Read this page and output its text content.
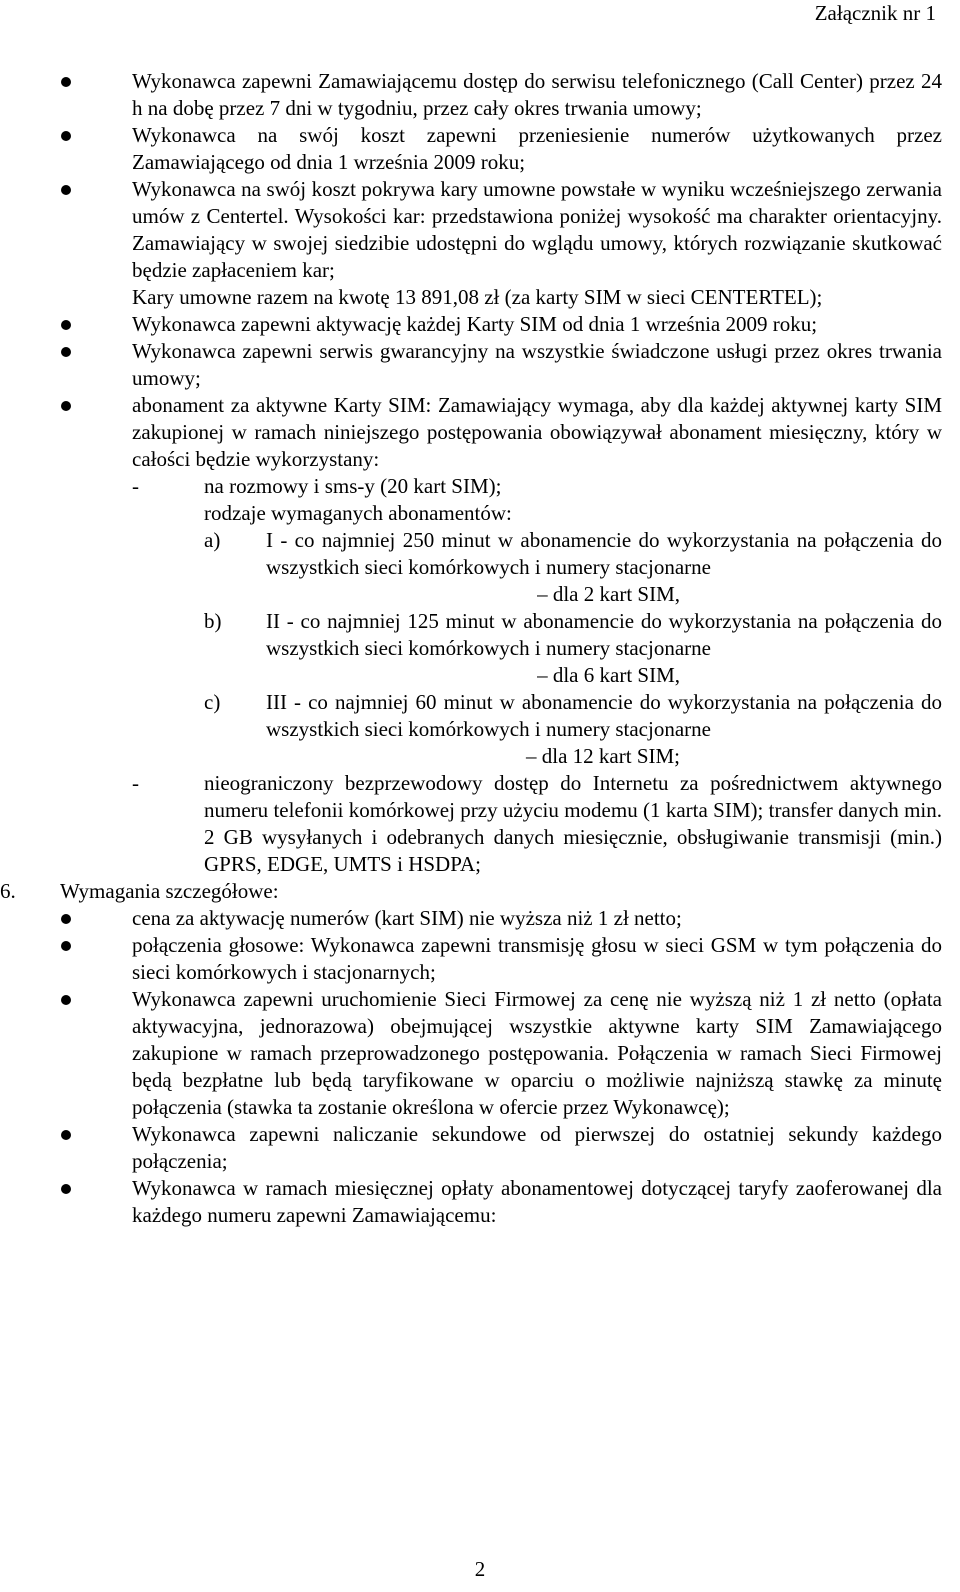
Załącznik nr 1
Wykonawca zapewni Zamawiającemu dostęp do serwisu telefonicznego (Call Center) przez 24 h na dobę przez 7 dni w tygodniu, przez cały okres trwania umowy;
Wykonawca na swój koszt zapewni przeniesienie numerów użytkowanych przez Zamawiającego od dnia 1 września 2009 roku;
Wykonawca na swój koszt pokrywa kary umowne powstałe w wyniku wcześniejszego zerwania umów z Centertel. Wysokości kar: przedstawiona poniżej wysokość ma charakter orientacyjny. Zamawiający w swojej siedzibie udostępni do wglądu umowy, których rozwiązanie skutkować będzie zapłaceniem kar;
Kary umowne razem na kwotę 13 891,08 zł (za karty SIM w sieci CENTERTEL);
Wykonawca zapewni aktywację każdej Karty SIM od dnia 1 września 2009 roku;
Wykonawca zapewni serwis gwarancyjny na wszystkie świadczone usługi przez okres trwania umowy;
abonament za aktywne Karty SIM: Zamawiający wymaga, aby dla każdej aktywnej karty SIM zakupionej w ramach niniejszego postępowania obowiązywał abonament miesięczny, który w całości będzie wykorzystany:
-	na rozmowy i sms-y (20 kart SIM);
rodzaje wymaganych abonamentów:
a) I - co najmniej 250 minut w abonamencie do wykorzystania na połączenia do wszystkich sieci komórkowych i numery stacjonarne
– dla 2 kart SIM,
b) II - co najmniej 125 minut w abonamencie do wykorzystania na połączenia do wszystkich sieci komórkowych i numery stacjonarne
– dla 6 kart SIM,
c) III - co najmniej 60 minut w abonamencie do wykorzystania na połączenia do wszystkich sieci komórkowych i numery stacjonarne
– dla 12 kart SIM;
-	nieograniczony bezprzewodowy dostęp do Internetu za pośrednictwem aktywnego numeru telefonii komórkowej przy użyciu modemu (1 karta SIM); transfer danych min. 2 GB wysyłanych i odebranych danych miesięcznie, obsługiwanie transmisji (min.) GPRS, EDGE, UMTS i HSDPA;
6. Wymagania szczegółowe:
cena za aktywację numerów (kart SIM) nie wyższa niż 1 zł netto;
połączenia głosowe: Wykonawca zapewni transmisję głosu w sieci GSM w tym połączenia do sieci komórkowych i stacjonarnych;
Wykonawca zapewni uruchomienie Sieci Firmowej za cenę nie wyższą niż 1 zł netto (opłata aktywacyjna, jednorazowa) obejmującej wszystkie aktywne karty SIM Zamawiającego zakupione w ramach przeprowadzonego postępowania. Połączenia w ramach Sieci Firmowej będą bezpłatne lub będą taryfikowane w oparciu o możliwie najniższą stawkę za minutę połączenia (stawka ta zostanie określona w ofercie przez Wykonawcę);
Wykonawca zapewni naliczanie sekundowe od pierwszej do ostatniej sekundy każdego połączenia;
Wykonawca w ramach miesięcznej opłaty abonamentowej dotyczącej taryfy zaoferowanej dla każdego numeru zapewni Zamawiającemu:
2
